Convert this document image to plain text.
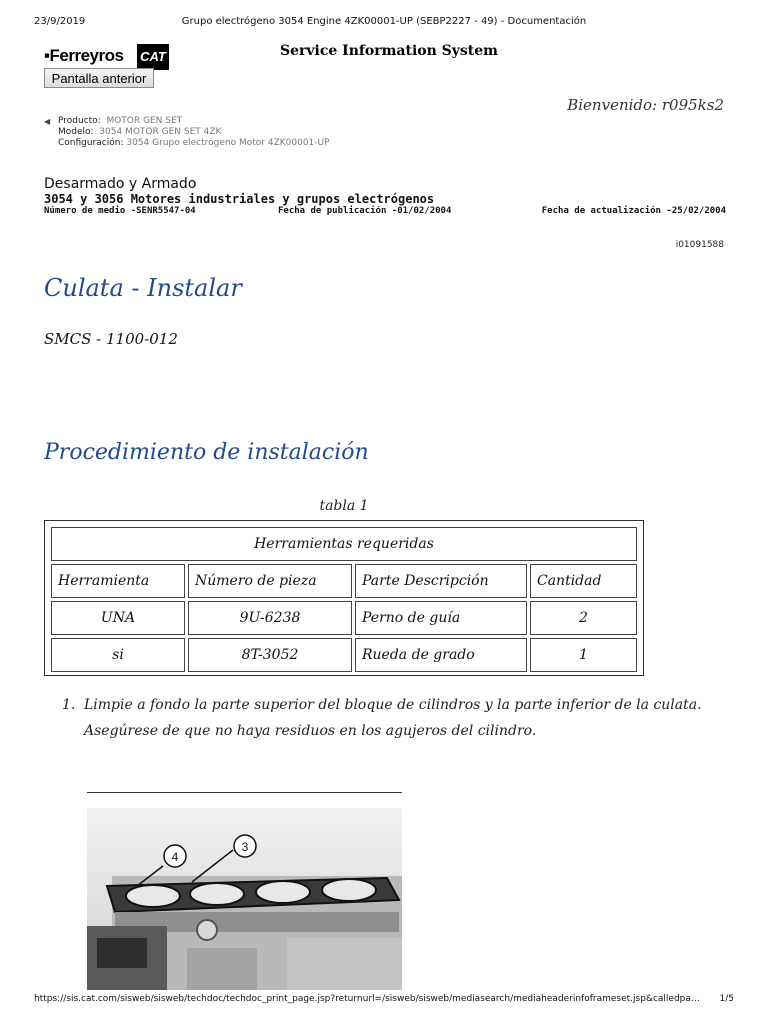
23/9/2019	Grupo electrógeno 3054 Engine 4ZK00001-UP (SEBP2227 - 49) - Documentación
▪Ferreyros CAT
Pantalla anterior
Service Information System
Bienvenido: r095ks2
◀ Producto: MOTOR GEN SET
Modelo: 3054 MOTOR GEN SET 4ZK
Configuración: 3054 Grupo electrógeno Motor 4ZK00001-UP
Desarmado y Armado
3054 y 3056 Motores industriales y grupos electrógenos
Número de medio -SENR5547-04	Fecha de publicación -01/02/2004	Fecha de actualización -25/02/2004
i01091588
Culata - Instalar
SMCS - 1100-012
Procedimiento de instalación
tabla 1
Herramientas requeridas			
Herramienta	Número de pieza	Parte Descripción	Cantidad
UNA	9U-6238	Perno de guía	2
si	8T-3052	Rueda de grado	1
1. Limpie a fondo la parte superior del bloque de cilindros y la parte inferior de la culata. Asegúrese de que no haya residuos en los agujeros del cilindro.
4
3
https://sis.cat.com/sisweb/sisweb/techdoc/techdoc_print_page.jsp?returnurl=/sisweb/sisweb/mediasearch/mediaheaderinfoframeset.jsp&calledpa… 1/5
